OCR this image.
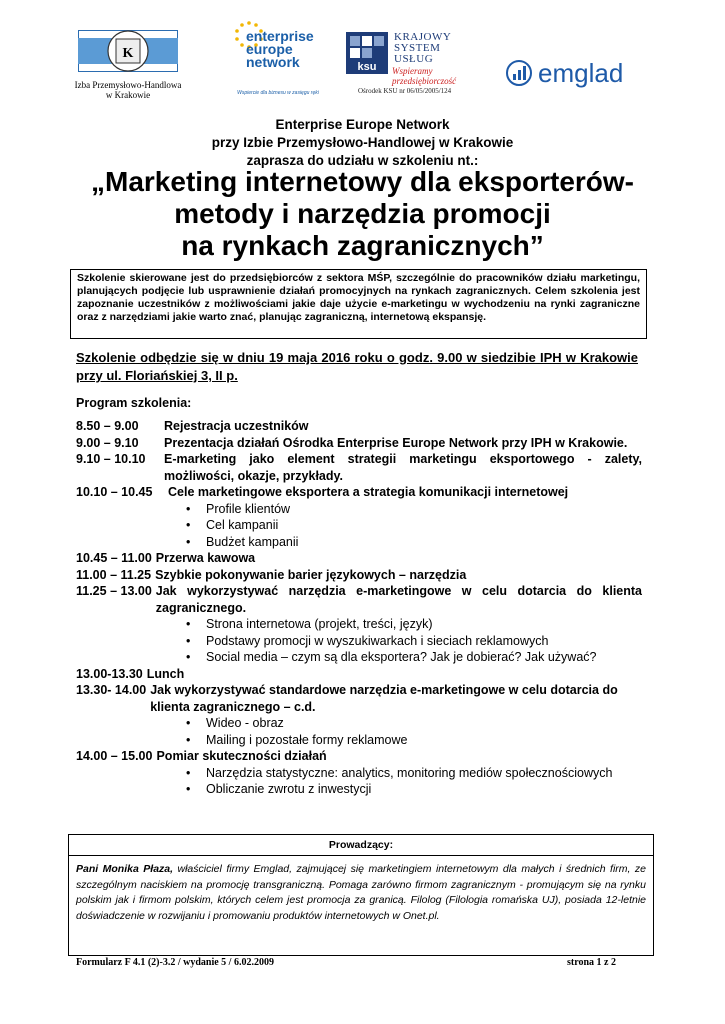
K
Izba Przemysłowo-Handlowa
w Krakowie
enterprise
europe
network
Wspiercie dla biznesu w zasięgu ręki
ksu
KRAJOWY
SYSTEM
USŁUG
Wspieramy przedsiębiorczość
Ośrodek KSU nr 06/05/2005/124
emglad
Enterprise Europe Network
przy Izbie Przemysłowo-Handlowej w Krakowie
zaprasza do udziału w szkoleniu nt.:
„Marketing internetowy dla eksporterów-
metody i narzędzia promocji
na rynkach zagranicznych”
Szkolenie skierowane jest do przedsiębiorców z sektora MŚP, szczególnie do pracowników działu marketingu, planujących podjęcie lub usprawnienie działań promocyjnych na rynkach zagranicznych. Celem szkolenia jest zapoznanie uczestników z możliwościami jakie daje użycie e-marketingu w wychodzeniu na rynki zagraniczne oraz z narzędziami jakie warto znać, planując zagraniczną, internetową ekspansję.
Szkolenie odbędzie się w dniu 19 maja 2016 roku o godz. 9.00 w siedzibie IPH w Krakowie przy ul. Floriańskiej 3, II p.
Program szkolenia:
8.50 – 9.00	Rejestracja uczestników
9.00 – 9.10	Prezentacja działań Ośrodka Enterprise Europe Network przy IPH w Krakowie.
9.10 – 10.10	E-marketing jako element strategii marketingu eksportowego - zalety, możliwości, okazje, przykłady.
10.10 – 10.45	Cele marketingowe eksportera a strategia komunikacji internetowej
• Profile klientów
• Cel kampanii
• Budżet kampanii
10.45 – 11.00 Przerwa kawowa
11.00 – 11.25 Szybkie pokonywanie barier językowych – narzędzia
11.25 – 13.00 Jak wykorzystywać narzędzia e-marketingowe w celu dotarcia do klienta zagranicznego.
• Strona internetowa (projekt, treści, język)
• Podstawy promocji w wyszukiwarkach i sieciach reklamowych
• Social media – czym są dla eksportera? Jak je dobierać? Jak używać?
13.00-13.30 Lunch
13.30- 14.00 Jak wykorzystywać standardowe narzędzia e-marketingowe w celu dotarcia do klienta zagranicznego – c.d.
• Wideo - obraz
• Mailing i pozostałe formy reklamowe
14.00 – 15.00 Pomiar skuteczności działań
• Narzędzia statystyczne: analytics, monitoring mediów społecznościowych
• Obliczanie zwrotu z inwestycji
Prowadzący:
Pani Monika Płaza, właściciel firmy Emglad, zajmującej się marketingiem internetowym dla małych i średnich firm, ze szczególnym naciskiem na promocję transgraniczną. Pomaga zarówno firmom zagranicznym - promującym się na rynku polskim jak i firmom polskim, których celem jest promocja za granicą. Filolog (Filologia romańska UJ), posiada 12-letnie doświadczenie w rozwijaniu i promowaniu produktów internetowych w Onet.pl.
Formularz F 4.1 (2)-3.2 / wydanie 5 / 6.02.2009	strona 1 z 2
